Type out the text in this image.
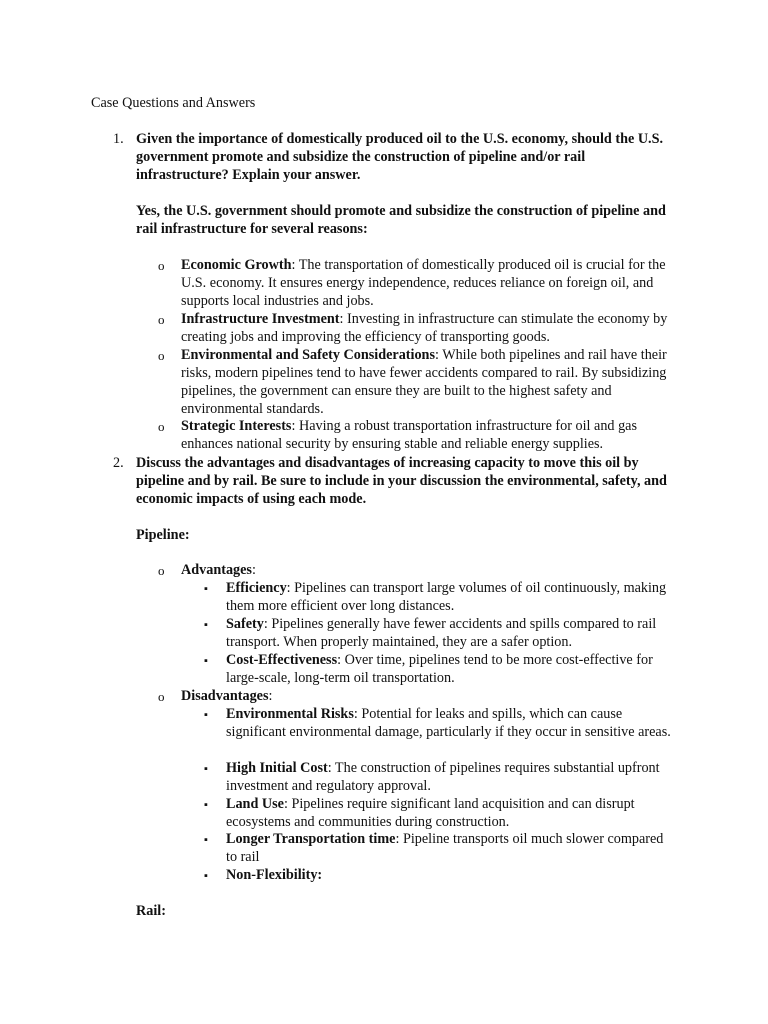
Case Questions and Answers
1. Given the importance of domestically produced oil to the U.S. economy, should the U.S. government promote and subsidize the construction of pipeline and/or rail infrastructure? Explain your answer.
Yes, the U.S. government should promote and subsidize the construction of pipeline and rail infrastructure for several reasons:
o Economic Growth: The transportation of domestically produced oil is crucial for the U.S. economy. It ensures energy independence, reduces reliance on foreign oil, and supports local industries and jobs.
o Infrastructure Investment: Investing in infrastructure can stimulate the economy by creating jobs and improving the efficiency of transporting goods.
o Environmental and Safety Considerations: While both pipelines and rail have their risks, modern pipelines tend to have fewer accidents compared to rail. By subsidizing pipelines, the government can ensure they are built to the highest safety and environmental standards.
o Strategic Interests: Having a robust transportation infrastructure for oil and gas enhances national security by ensuring stable and reliable energy supplies.
2. Discuss the advantages and disadvantages of increasing capacity to move this oil by pipeline and by rail. Be sure to include in your discussion the environmental, safety, and economic impacts of using each mode.
Pipeline:
o Advantages:
▪ Efficiency: Pipelines can transport large volumes of oil continuously, making them more efficient over long distances.
▪ Safety: Pipelines generally have fewer accidents and spills compared to rail transport. When properly maintained, they are a safer option.
▪ Cost-Effectiveness: Over time, pipelines tend to be more cost-effective for large-scale, long-term oil transportation.
o Disadvantages:
▪ Environmental Risks: Potential for leaks and spills, which can cause significant environmental damage, particularly if they occur in sensitive areas.
▪ High Initial Cost: The construction of pipelines requires substantial upfront investment and regulatory approval.
▪ Land Use: Pipelines require significant land acquisition and can disrupt ecosystems and communities during construction.
▪ Longer Transportation time: Pipeline transports oil much slower compared to rail
▪ Non-Flexibility:
Rail:
